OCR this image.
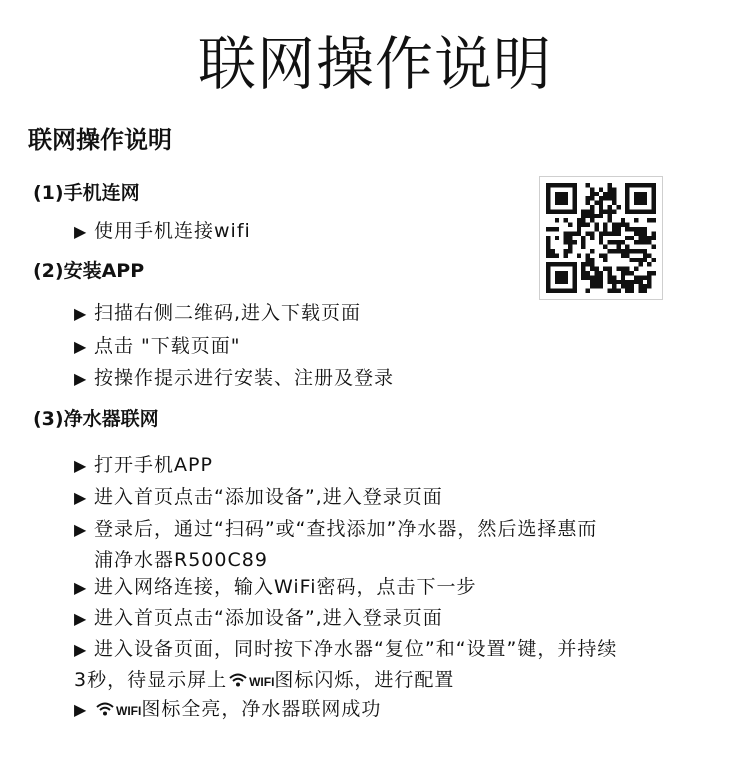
联网操作说明
联网操作说明
(1)手机连网
▶ 使用手机连接wifi
(2)安装APP
▶ 扫描右侧二维码,进入下载页面
▶ 点击 "下载页面"
▶ 按操作提示进行安装、注册及登录
(3)净水器联网
▶ 打开手机APP
▶ 进入首页点击“添加设备”,进入登录页面
▶ 登录后，通过“扫码”或“查找添加”净水器，然后选择惠而
浦净水器R500C89
▶ 进入网络连接，输入WiFi密码，点击下一步
▶ 进入首页点击“添加设备”,进入登录页面
▶ 进入设备页面，同时按下净水器“复位”和“设置”键，并持续
3秒，待显示屏上 WIFI图标闪烁，进行配置
▶ WIFI图标全亮，净水器联网成功
